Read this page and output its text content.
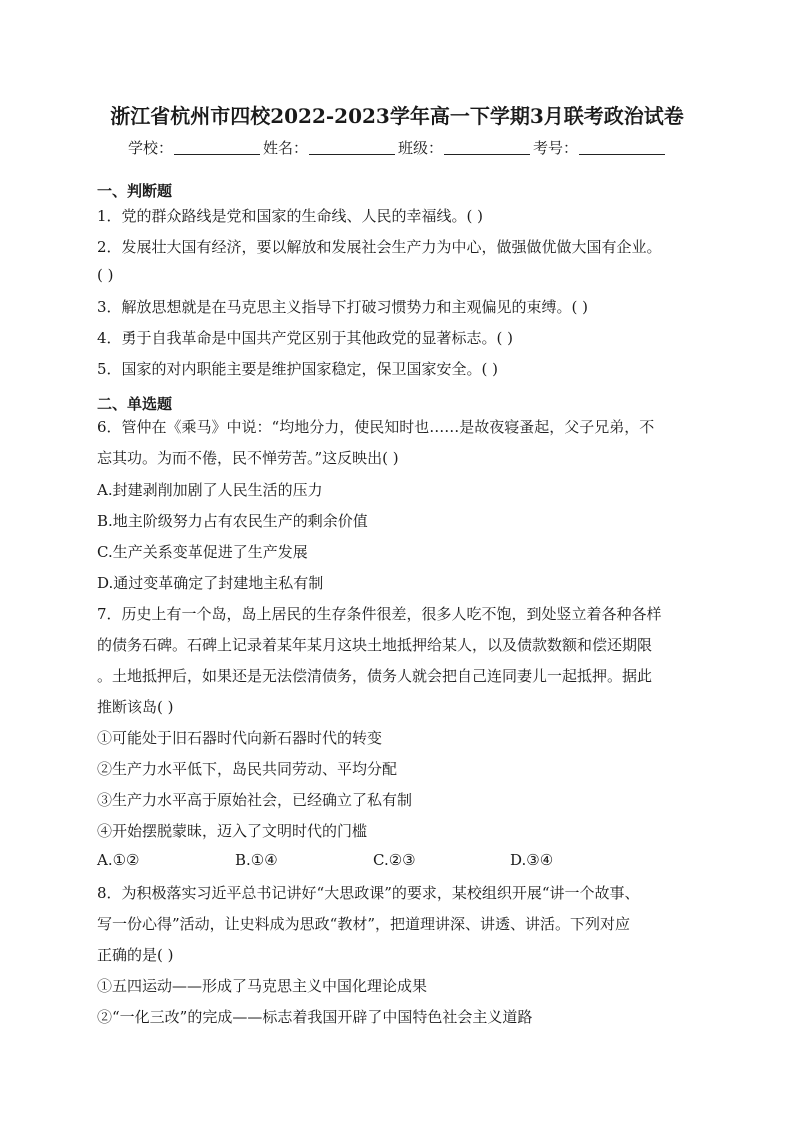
浙江省杭州市四校2022-2023学年高一下学期3月联考政治试卷
学校：	姓名：	班级：	考号：
一、判断题
1．党的群众路线是党和国家的生命线、人民的幸福线。( )
2．发展壮大国有经济，要以解放和发展社会生产力为中心，做强做优做大国有企业。
( )
3．解放思想就是在马克思主义指导下打破习惯势力和主观偏见的束缚。( )
4．勇于自我革命是中国共产党区别于其他政党的显著标志。( )
5．国家的对内职能主要是维护国家稳定，保卫国家安全。( )
二、单选题
6．管仲在《乘马》中说：“均地分力，使民知时也……是故夜寝蚤起，父子兄弟，不
忘其功。为而不倦，民不惮劳苦。”这反映出( )
A.封建剥削加剧了人民生活的压力
B.地主阶级努力占有农民生产的剩余价值
C.生产关系变革促进了生产发展
D.通过变革确定了封建地主私有制
7．历史上有一个岛，岛上居民的生存条件很差，很多人吃不饱，到处竖立着各种各样
的债务石碑。石碑上记录着某年某月这块土地抵押给某人，以及债款数额和偿还期限
。土地抵押后，如果还是无法偿清债务，债务人就会把自己连同妻儿一起抵押。据此
推断该岛( )
①可能处于旧石器时代向新石器时代的转变
②生产力水平低下，岛民共同劳动、平均分配
③生产力水平高于原始社会，已经确立了私有制
④开始摆脱蒙昧，迈入了文明时代的门槛
A.①②	B.①④	C.②③	D.③④
8．为积极落实习近平总书记讲好“大思政课”的要求，某校组织开展“讲一个故事、
写一份心得”活动，让史料成为思政“教材”，把道理讲深、讲透、讲活。下列对应
正确的是( )
①五四运动——形成了马克思主义中国化理论成果
②“一化三改”的完成——标志着我国开辟了中国特色社会主义道路
